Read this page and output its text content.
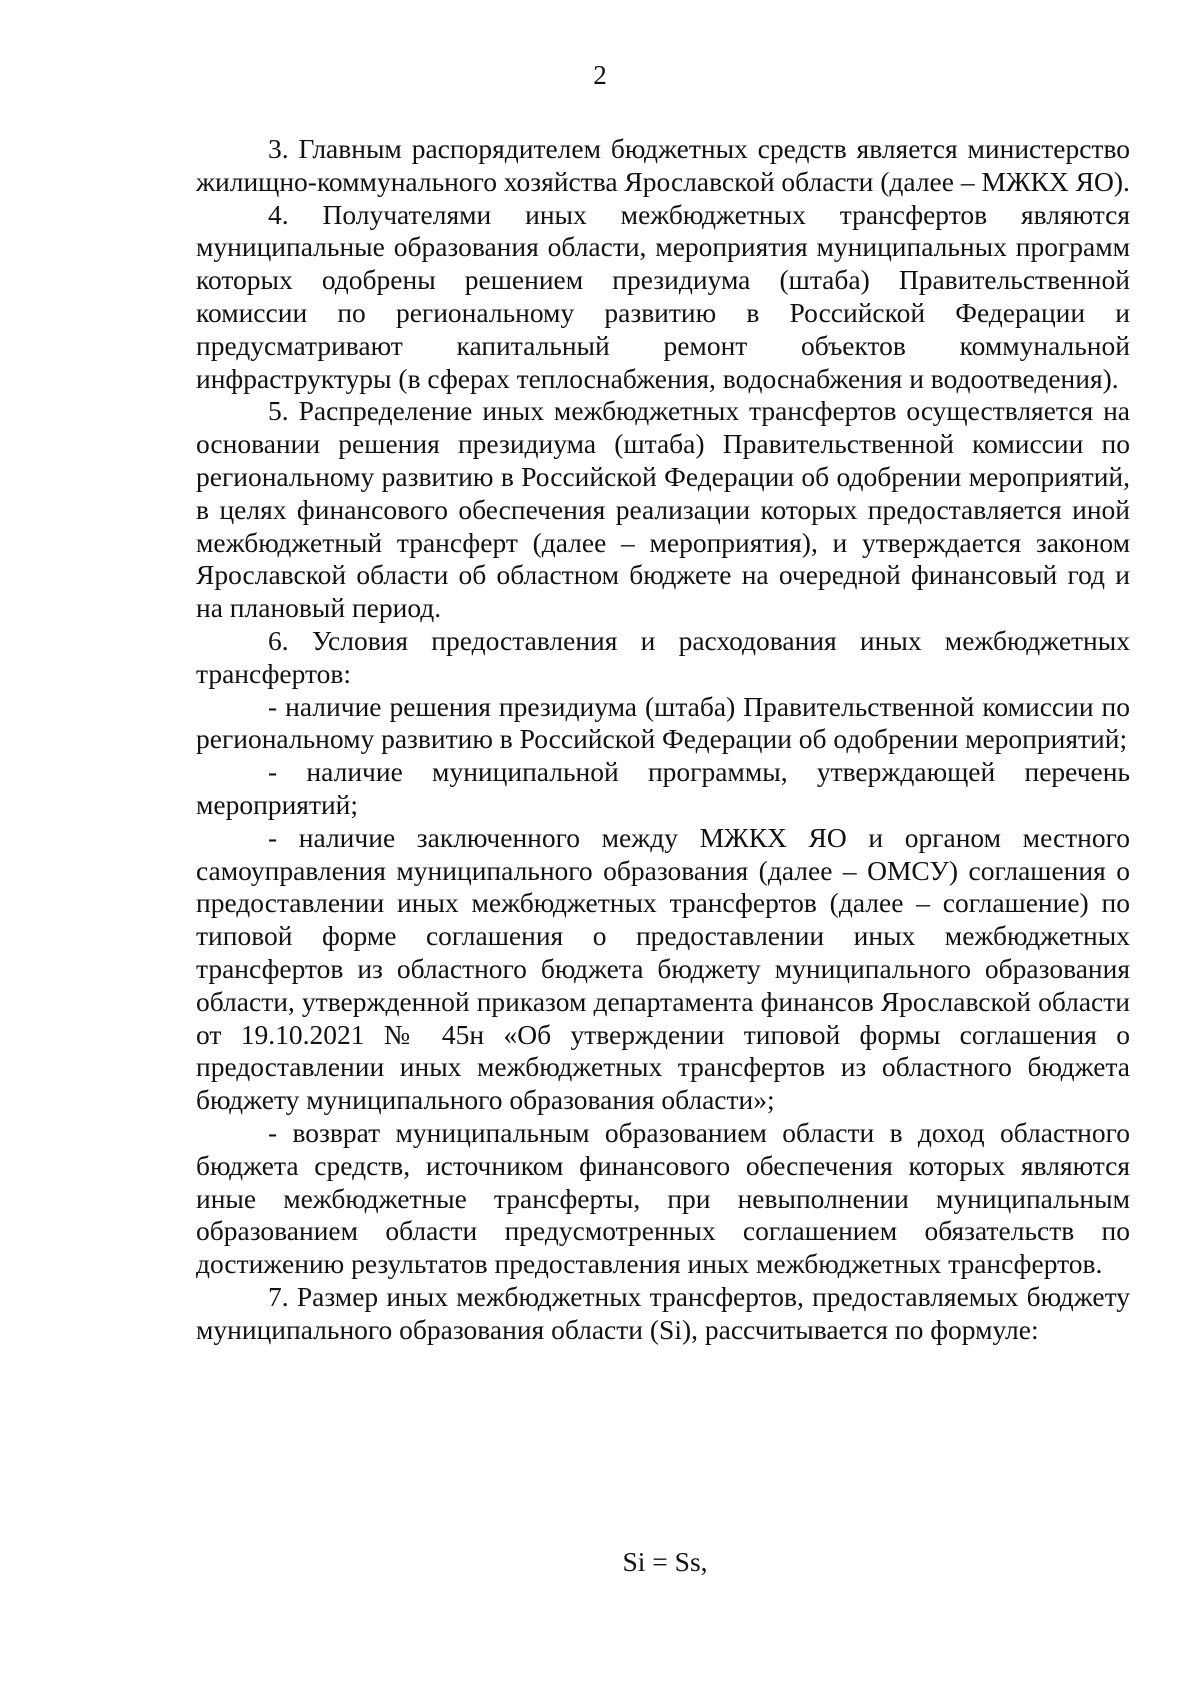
2

3. Главным распорядителем бюджетных средств является министерство жилищно-коммунального хозяйства Ярославской области (далее – МЖКХ ЯО).

4. Получателями иных межбюджетных трансфертов являются муниципальные образования области, мероприятия муниципальных программ которых одобрены решением президиума (штаба) Правительственной комиссии по региональному развитию в Российской Федерации и предусматривают капитальный ремонт объектов коммунальной инфраструктуры (в сферах теплоснабжения, водоснабжения и водоотведения).

5. Распределение иных межбюджетных трансфертов осуществляется на основании решения президиума (штаба) Правительственной комиссии по региональному развитию в Российской Федерации об одобрении мероприятий, в целях финансового обеспечения реализации которых предоставляется иной межбюджетный трансферт (далее – мероприятия), и утверждается законом Ярославской области об областном бюджете на очередной финансовый год и на плановый период.

6. Условия предоставления и расходования иных межбюджетных трансфертов:

- наличие решения президиума (штаба) Правительственной комиссии по региональному развитию в Российской Федерации об одобрении мероприятий;

- наличие муниципальной программы, утверждающей перечень мероприятий;

- наличие заключенного между МЖКХ ЯО и органом местного самоуправления муниципального образования (далее – ОМСУ) соглашения о предоставлении иных межбюджетных трансфертов (далее – соглашение) по типовой форме соглашения о предоставлении иных межбюджетных трансфертов из областного бюджета бюджету муниципального образования области, утвержденной приказом департамента финансов Ярославской области от 19.10.2021 № 45н «Об утверждении типовой формы соглашения о предоставлении иных межбюджетных трансфертов из областного бюджета бюджету муниципального образования области»;

- возврат муниципальным образованием области в доход областного бюджета средств, источником финансового обеспечения которых являются иные межбюджетные трансферты, при невыполнении муниципальным образованием области предусмотренных соглашением обязательств по достижению результатов предоставления иных межбюджетных трансфертов.

7. Размер иных межбюджетных трансфертов, предоставляемых бюджету муниципального образования области (Si), рассчитывается по формуле:

Si = Ss,
